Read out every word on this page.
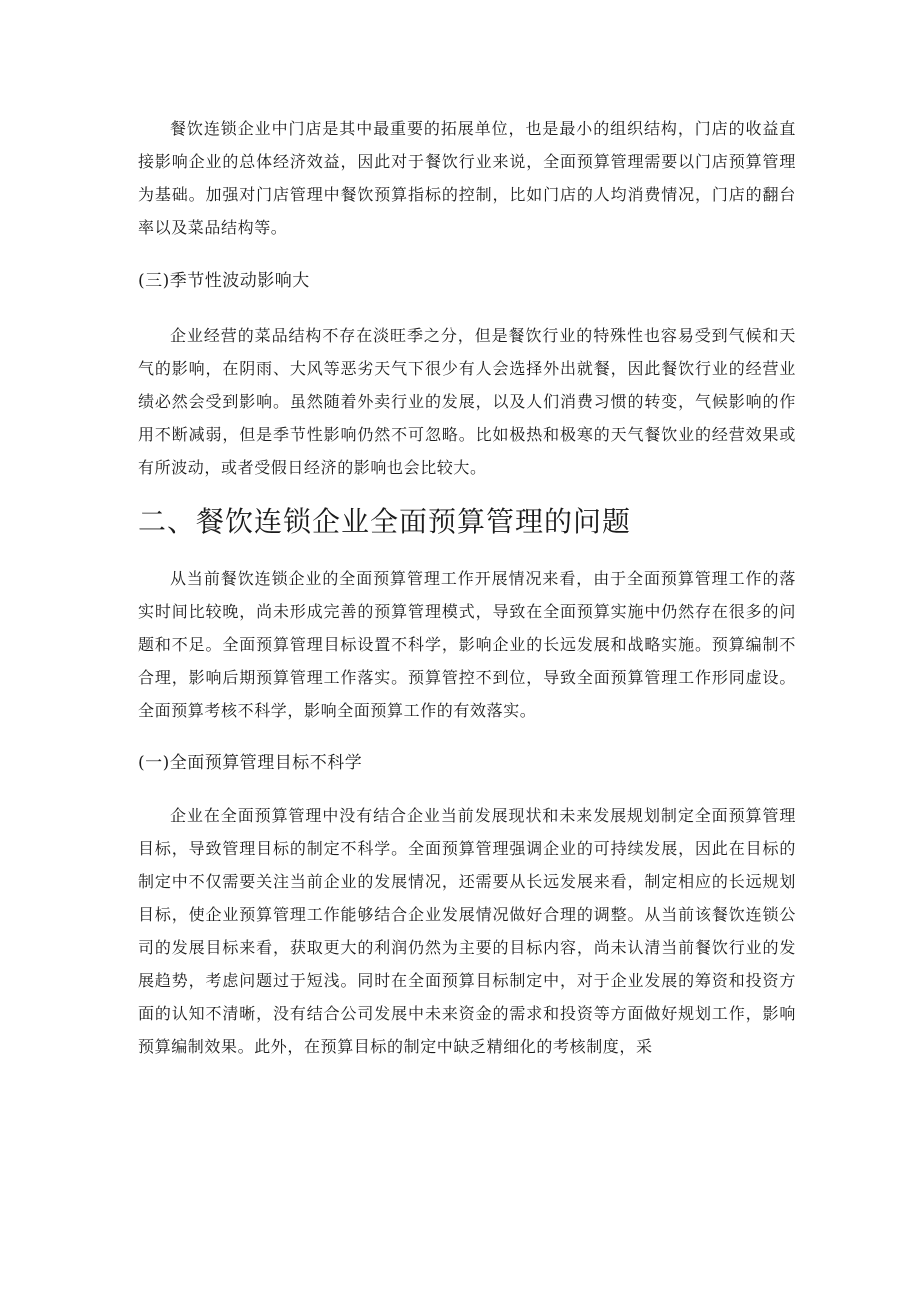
餐饮连锁企业中门店是其中最重要的拓展单位，也是最小的组织结构，门店的收益直接影响企业的总体经济效益，因此对于餐饮行业来说，全面预算管理需要以门店预算管理为基础。加强对门店管理中餐饮预算指标的控制，比如门店的人均消费情况，门店的翻台率以及菜品结构等。

(三)季节性波动影响大

企业经营的菜品结构不存在淡旺季之分，但是餐饮行业的特殊性也容易受到气候和天气的影响，在阴雨、大风等恶劣天气下很少有人会选择外出就餐，因此餐饮行业的经营业绩必然会受到影响。虽然随着外卖行业的发展，以及人们消费习惯的转变，气候影响的作用不断减弱，但是季节性影响仍然不可忽略。比如极热和极寒的天气餐饮业的经营效果或有所波动，或者受假日经济的影响也会比较大。

二、餐饮连锁企业全面预算管理的问题

从当前餐饮连锁企业的全面预算管理工作开展情况来看，由于全面预算管理工作的落实时间比较晚，尚未形成完善的预算管理模式，导致在全面预算实施中仍然存在很多的问题和不足。全面预算管理目标设置不科学，影响企业的长远发展和战略实施。预算编制不合理，影响后期预算管理工作落实。预算管控不到位，导致全面预算管理工作形同虚设。全面预算考核不科学，影响全面预算工作的有效落实。

(一)全面预算管理目标不科学

企业在全面预算管理中没有结合企业当前发展现状和未来发展规划制定全面预算管理目标，导致管理目标的制定不科学。全面预算管理强调企业的可持续发展，因此在目标的制定中不仅需要关注当前企业的发展情况，还需要从长远发展来看，制定相应的长远规划目标，使企业预算管理工作能够结合企业发展情况做好合理的调整。从当前该餐饮连锁公司的发展目标来看，获取更大的利润仍然为主要的目标内容，尚未认清当前餐饮行业的发展趋势，考虑问题过于短浅。同时在全面预算目标制定中，对于企业发展的筹资和投资方面的认知不清晰，没有结合公司发展中未来资金的需求和投资等方面做好规划工作，影响预算编制效果。此外，在预算目标的制定中缺乏精细化的考核制度，采
